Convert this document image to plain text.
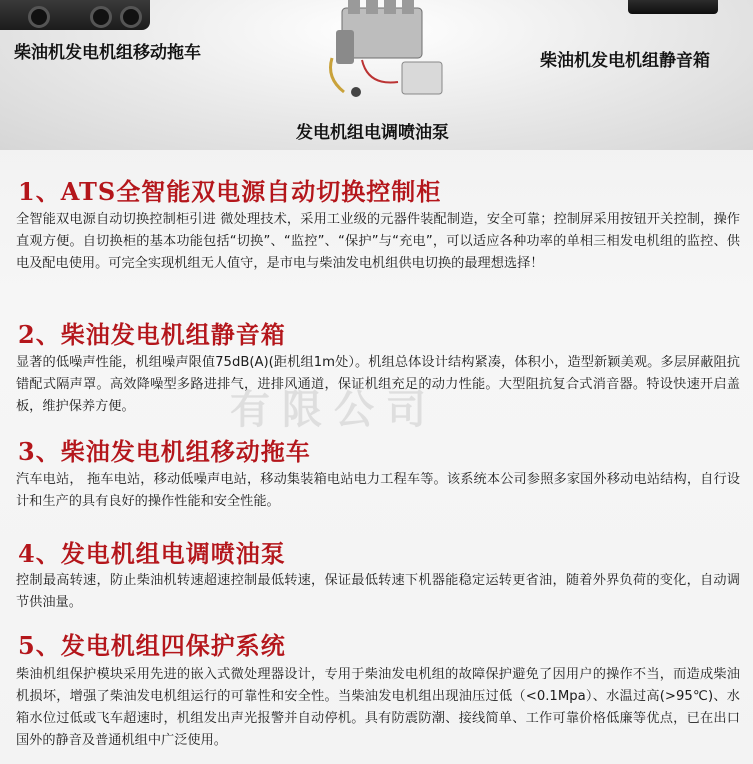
柴油机发电机组移动拖车
发电机组电调喷油泵
柴油机发电机组静音箱
有限公司
1、ATS全智能双电源自动切换控制柜
全智能双电源自动切换控制柜引进 微处理技术，采用工业级的元器件装配制造，安全可靠；控制屏采用按钮开关控制，操作直观方便。自切换柜的基本功能包括“切换”、“监控”、“保护”与“充电”，可以适应各种功率的单相三相发电机组的监控、供电及配电使用。可完全实现机组无人值守，是市电与柴油发电机组供电切换的最理想选择！
2、柴油发电机组静音箱
显著的低噪声性能，机组噪声限值75dB(A)(距机组1m处）。机组总体设计结构紧凑，体积小，造型新颖美观。多层屏蔽阻抗错配式隔声罩。高效降噪型多路进排气，进排风通道，保证机组充足的动力性能。大型阻抗复合式消音器。特设快速开启盖板，维护保养方便。
3、柴油发电机组移动拖车
汽车电站， 拖车电站，移动低噪声电站，移动集装箱电站电力工程车等。该系统本公司参照多家国外移动电站结构，自行设计和生产的具有良好的操作性能和安全性能。
4、发电机组电调喷油泵
控制最高转速，防止柴油机转速超速控制最低转速，保证最低转速下机器能稳定运转更省油，随着外界负荷的变化，自动调节供油量。
5、发电机组四保护系统
柴油机组保护模块采用先进的嵌入式微处理器设计，专用于柴油发电机组的故障保护避免了因用户的操作不当，而造成柴油机损坏，增强了柴油发电机组运行的可靠性和安全性。当柴油发电机组出现油压过低（<0.1Mpa）、水温过高(>95℃)、水箱水位过低或飞车超速时，机组发出声光报警并自动停机。具有防震防潮、接线简单、工作可靠价格低廉等优点，已在出口国外的静音及普通机组中广泛使用。
